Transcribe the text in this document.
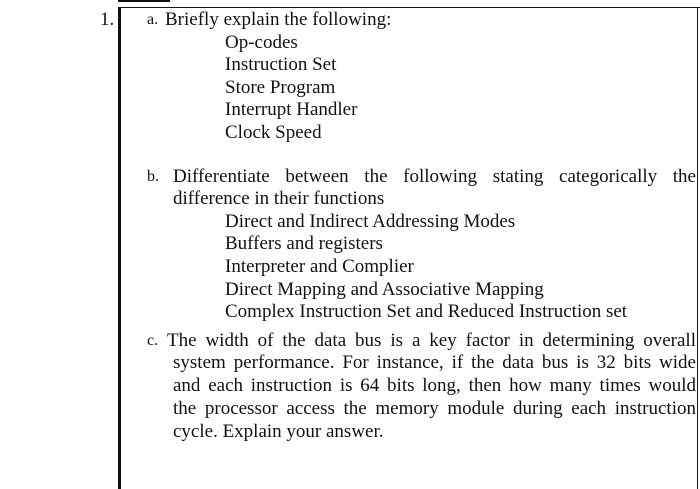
1. a. Briefly explain the following:
Op-codes
Instruction Set
Store Program
Interrupt Handler
Clock Speed
b. Differentiate between the following stating categorically the
difference in their functions
Direct and Indirect Addressing Modes
Buffers and registers
Interpreter and Complier
Direct Mapping and Associative Mapping
Complex Instruction Set and Reduced Instruction set
c. The width of the data bus is a key factor in determining overall
system performance. For instance, if the data bus is 32 bits wide
and each instruction is 64 bits long, then how many times would
the processor access the memory module during each instruction
cycle. Explain your answer.
